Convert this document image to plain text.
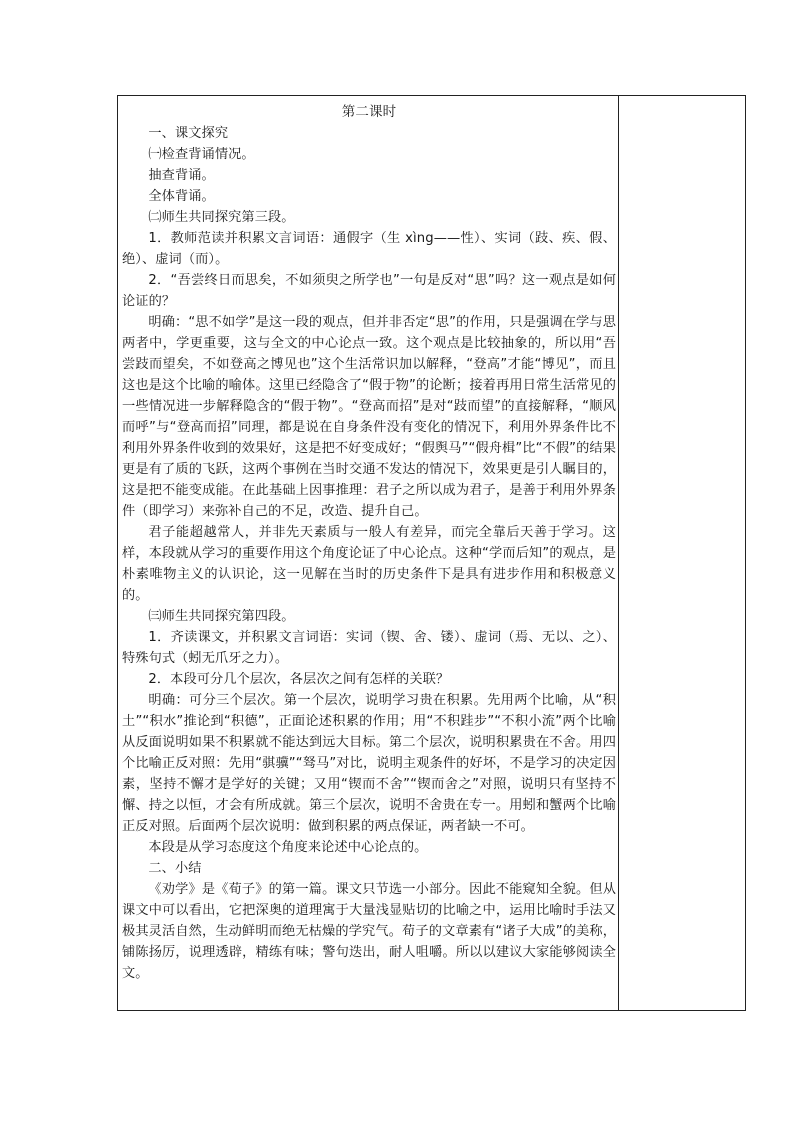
第二课时

一、课文探究

㈠检查背诵情况。

抽查背诵。

全体背诵。

㈡师生共同探究第三段。

1．教师范读并积累文言词语：通假字（生 xìng——性）、实词（跂、疾、假、绝）、虚词（而）。

2．“吾尝终日而思矣，不如须臾之所学也”一句是反对“思”吗？这一观点是如何论证的？

明确：“思不如学”是这一段的观点，但并非否定“思”的作用，只是强调在学与思两者中，学更重要，这与全文的中心论点一致。这个观点是比较抽象的，所以用“吾尝跂而望矣，不如登高之博见也”这个生活常识加以解释，“登高”才能“博见”，而且这也是这个比喻的喻体。这里已经隐含了“假于物”的论断；接着再用日常生活常见的一些情况进一步解释隐含的“假于物”。“登高而招”是对“跂而望”的直接解释，“顺风而呼”与“登高而招”同理，都是说在自身条件没有变化的情况下，利用外界条件比不利用外界条件收到的效果好，这是把不好变成好；“假舆马”“假舟楫”比“不假”的结果更是有了质的飞跃，这两个事例在当时交通不发达的情况下，效果更是引人瞩目的，这是把不能变成能。在此基础上因事推理：君子之所以成为君子，是善于利用外界条件（即学习）来弥补自己的不足，改造、提升自己。

君子能超越常人，并非先天素质与一般人有差异，而完全靠后天善于学习。这样，本段就从学习的重要作用这个角度论证了中心论点。这种“学而后知”的观点，是朴素唯物主义的认识论，这一见解在当时的历史条件下是具有进步作用和积极意义的。

㈢师生共同探究第四段。

1．齐读课文，并积累文言词语：实词（锲、舍、镂）、虚词（焉、无以、之）、特殊句式（蚓无爪牙之力）。

2．本段可分几个层次，各层次之间有怎样的关联？

明确：可分三个层次。第一个层次，说明学习贵在积累。先用两个比喻，从“积土”“积水”推论到“积德”，正面论述积累的作用；用“不积跬步”“不积小流”两个比喻从反面说明如果不积累就不能达到远大目标。第二个层次，说明积累贵在不舍。用四个比喻正反对照：先用“骐骥”“驽马”对比，说明主观条件的好坏，不是学习的决定因素，坚持不懈才是学好的关键；又用“锲而不舍”“锲而舍之”对照，说明只有坚持不懈、持之以恒，才会有所成就。第三个层次，说明不舍贵在专一。用蚓和蟹两个比喻正反对照。后面两个层次说明：做到积累的两点保证，两者缺一不可。

本段是从学习态度这个角度来论述中心论点的。

二、小结

《劝学》是《荀子》的第一篇。课文只节选一小部分。因此不能窥知全貌。但从课文中可以看出，它把深奥的道理寓于大量浅显贴切的比喻之中，运用比喻时手法又极其灵活自然，生动鲜明而绝无枯燥的学究气。荀子的文章素有“诸子大成”的美称，铺陈扬厉，说理透辟，精练有味；警句迭出，耐人咀嚼。所以以建议大家能够阅读全文。
